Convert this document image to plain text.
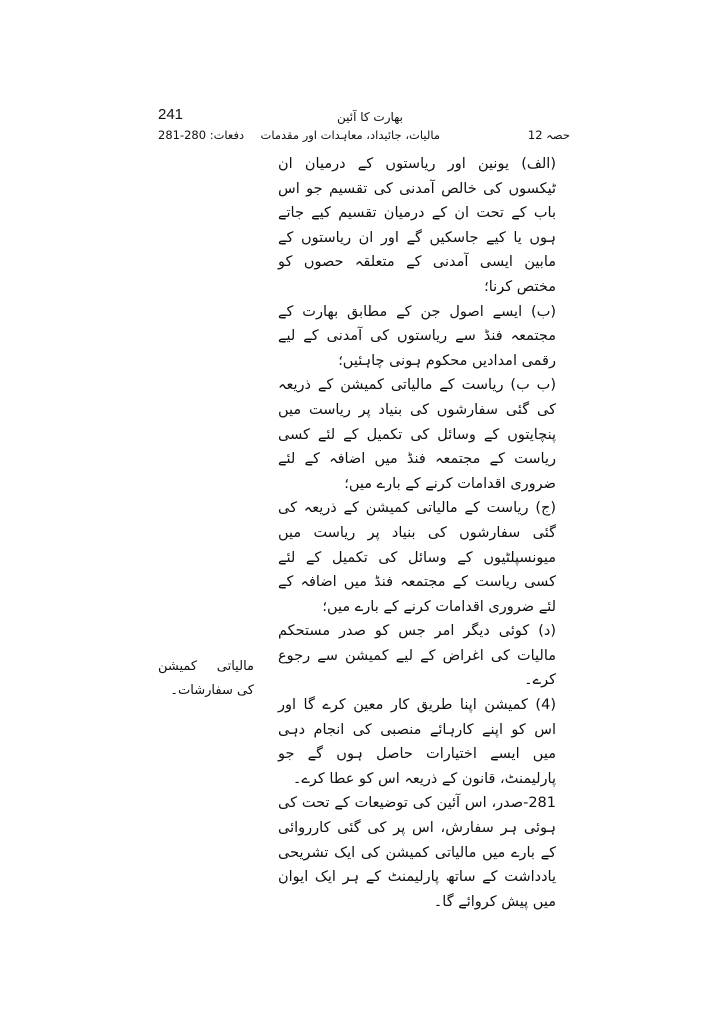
241	بھارت کا آئین
حصہ 12
مالیات، جائیداد، معاہدات اور مقدمات
دفعات: 280-281

(الف) یونین اور ریاستوں کے درمیان ان ٹیکسوں کی خالص آمدنی کی تقسیم جو اس باب کے تحت ان کے درمیان تقسیم کیے جاتے ہوں یا کیے جاسکیں گے اور ان ریاستوں کے مابین ایسی آمدنی کے متعلقہ حصوں کو مختص کرنا؛

(ب) ایسے اصول جن کے مطابق بھارت کے مجتمعہ فنڈ سے ریاستوں کی آمدنی کے لیے رقمی امدادیں محکوم ہونی چاہئیں؛

(ب ب) ریاست کے مالیاتی کمیشن کے ذریعہ کی گئی سفارشوں کی بنیاد پر ریاست میں پنچایتوں کے وسائل کی تکمیل کے لئے کسی ریاست کے مجتمعہ فنڈ میں اضافہ کے لئے ضروری اقدامات کرنے کے بارے میں؛

(ج) ریاست کے مالیاتی کمیشن کے ذریعہ کی گئی سفارشوں کی بنیاد پر ریاست میں میونسپلٹیوں کے وسائل کی تکمیل کے لئے کسی ریاست کے مجتمعہ فنڈ میں اضافہ کے لئے ضروری اقدامات کرنے کے بارے میں؛

(د) کوئی دیگر امر جس کو صدر مستحکم مالیات کی اغراض کے لیے کمیشن سے رجوع کرے۔

(4) کمیشن اپنا طریق کار معین کرے گا اور اس کو اپنے کارہائے منصبی کی انجام دہی میں ایسے اختیارات حاصل ہوں گے جو پارلیمنٹ، قانون کے ذریعہ اس کو عطا کرے۔

281-صدر، اس آئین کی توضیعات کے تحت کی ہوئی ہر سفارش، اس پر کی گئی کارروائی کے بارے میں مالیاتی کمیشن کی ایک تشریحی یادداشت کے ساتھ پارلیمنٹ کے ہر ایک ایوان میں پیش کروائے گا۔

مالیاتی کمیشن کی سفارشات۔
